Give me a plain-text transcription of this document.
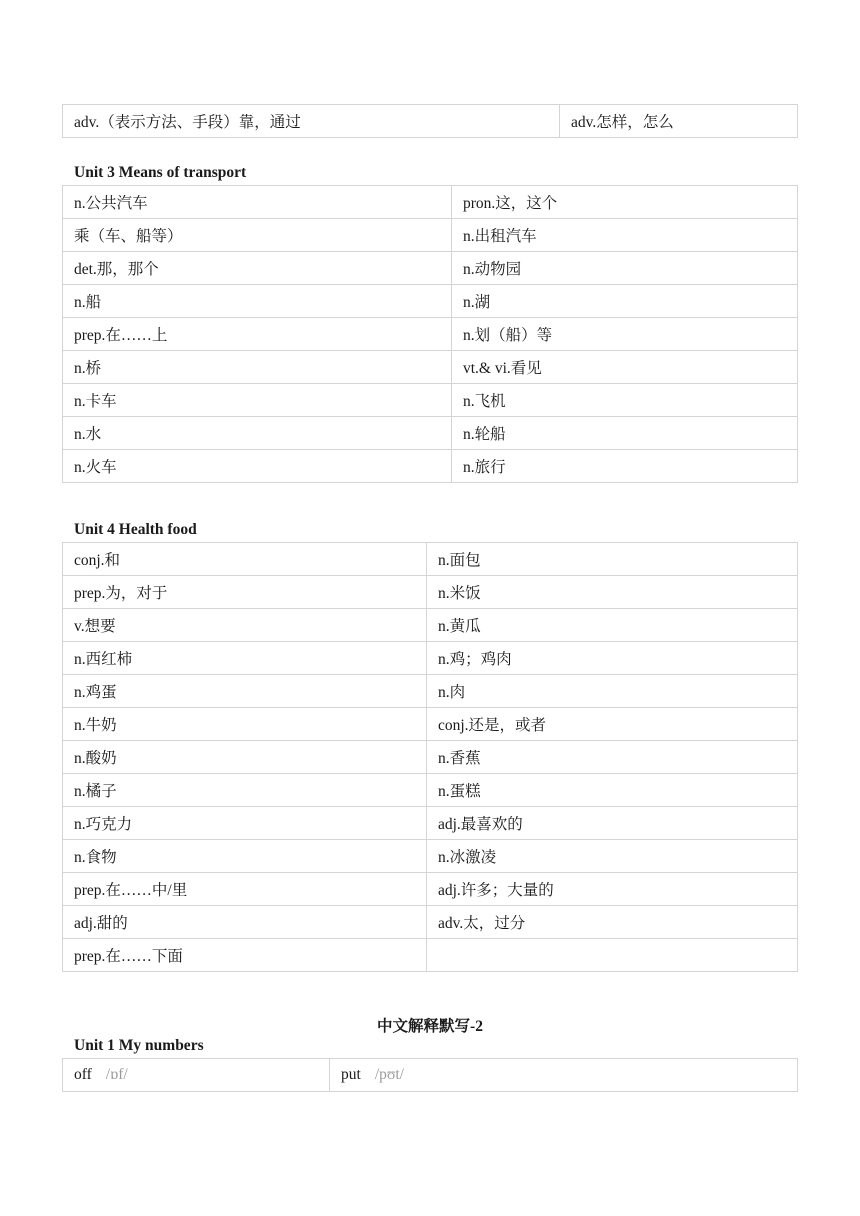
adv.（表示方法、手段）靠，通过	adv.怎样，怎么
Unit 3 Means of transport
n.公共汽车	pron.这，这个
乘（车、船等）	n.出租汽车
det.那，那个	n.动物园
n.船	n.湖
prep.在……上	n.划（船）等
n.桥	vt.& vi.看见
n.卡车	n.飞机
n.水	n.轮船
n.火车	n.旅行
Unit 4 Health food
conj.和	n.面包
prep.为，对于	n.米饭
v.想要	n.黄瓜
n.西红柿	n.鸡；鸡肉
n.鸡蛋	n.肉
n.牛奶	conj.还是，或者
n.酸奶	n.香蕉
n.橘子	n.蛋糕
n.巧克力	adj.最喜欢的
n.食物	n.冰激凌
prep.在……中/里	adj.许多；大量的
adj.甜的	adv.太，过分
prep.在……下面	
中文解释默写-2
Unit 1 My numbers
off /ɒf/	put /pʊt/
